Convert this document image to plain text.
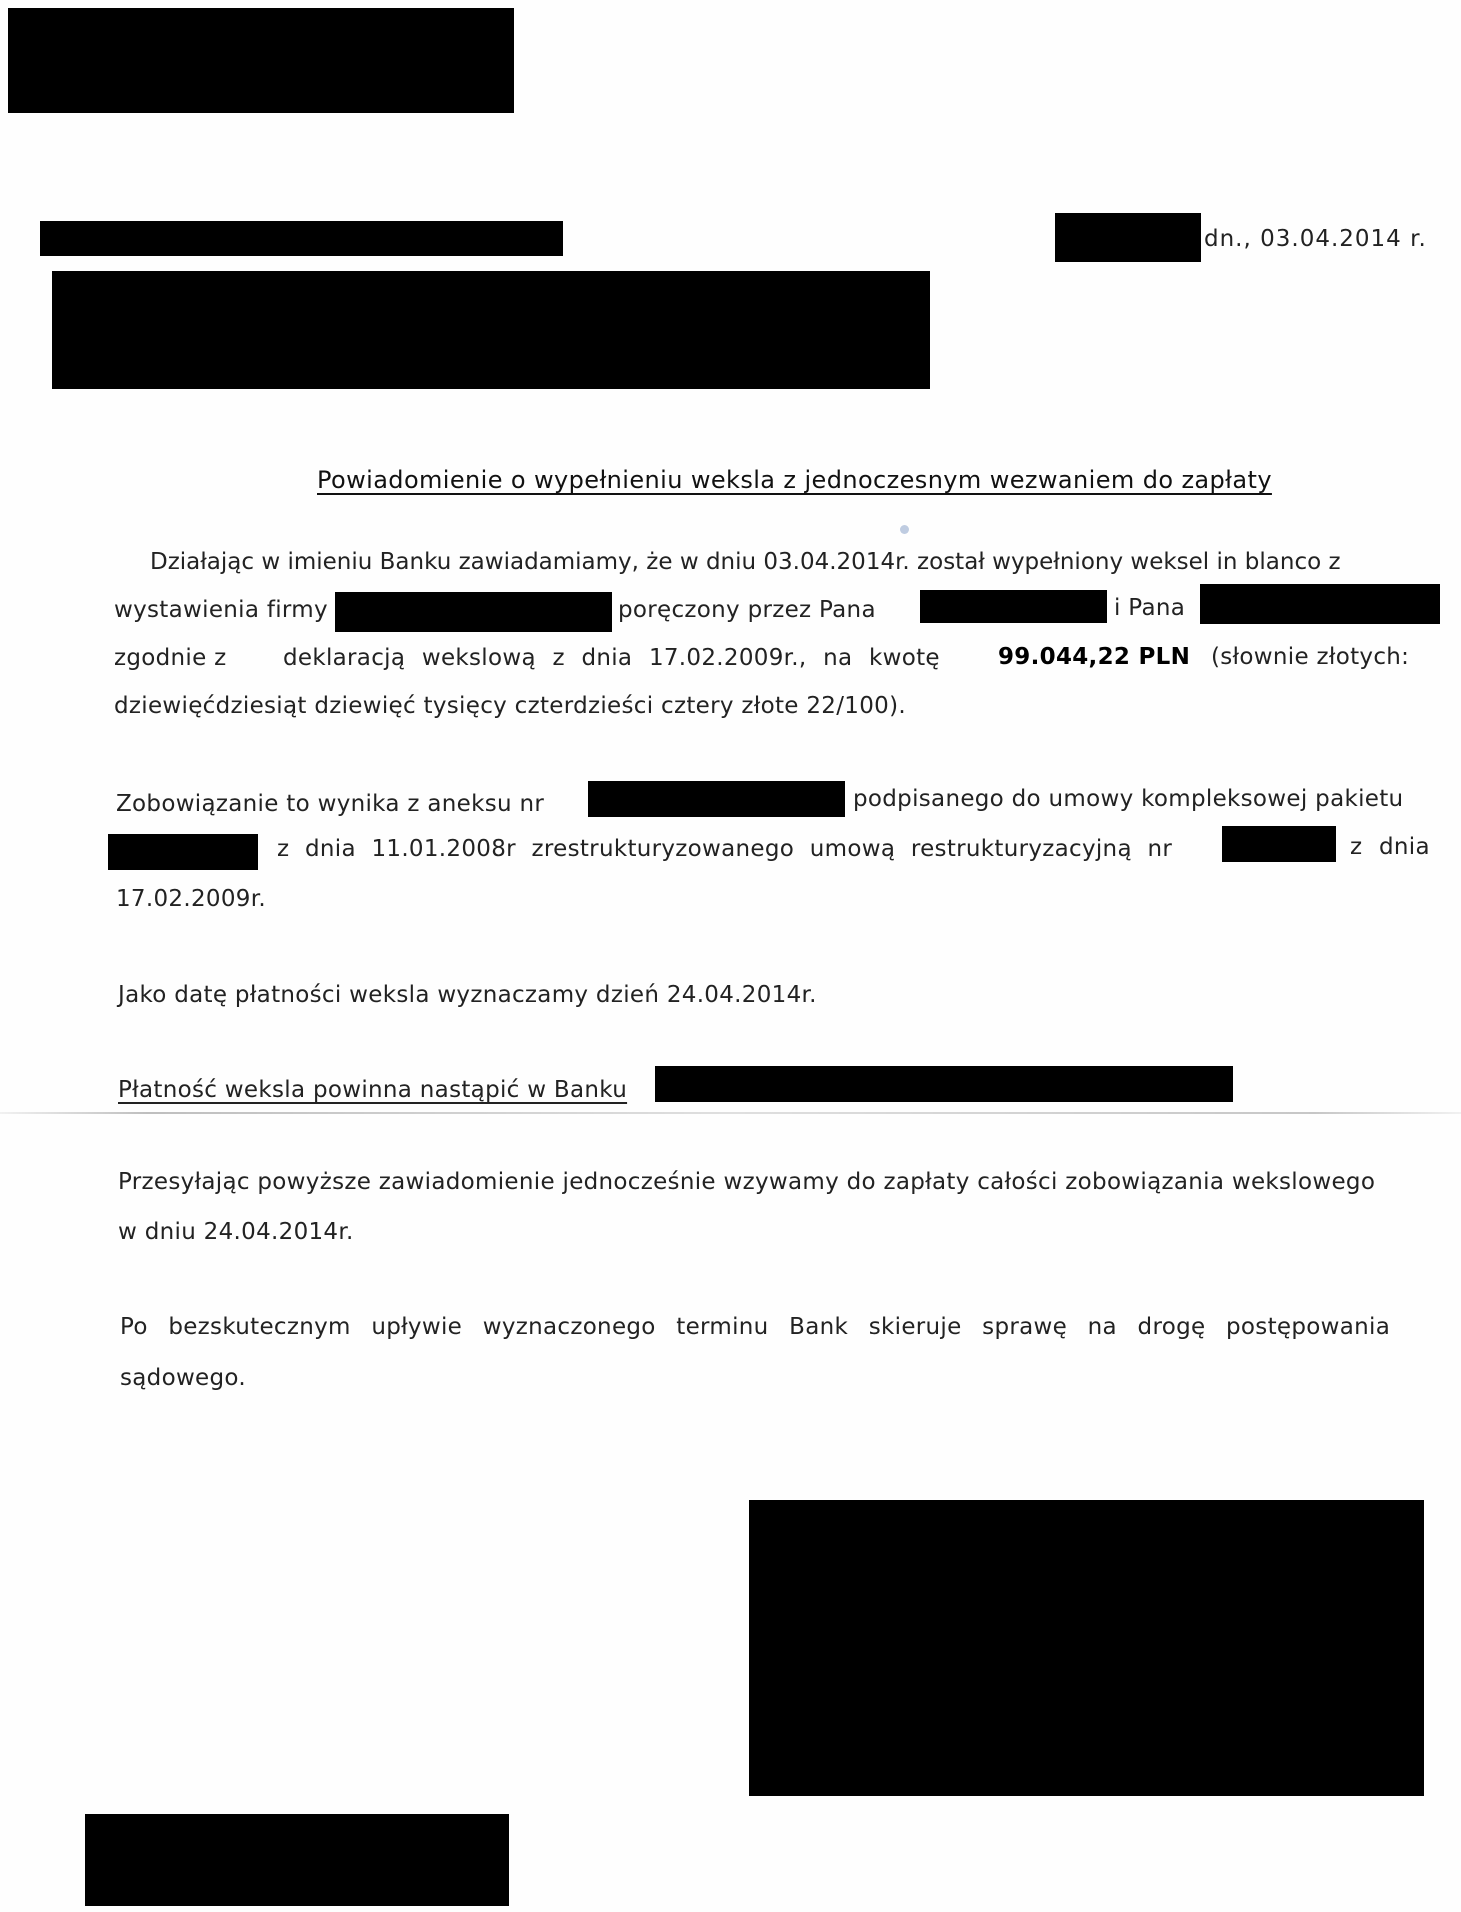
dn., 03.04.2014 r.
Powiadomienie o wypełnieniu weksla z jednoczesnym wezwaniem do zapłaty
Działając w imieniu Banku zawiadamiamy, że w dniu 03.04.2014r. został wypełniony weksel in blanco z
wystawienia firmy	poręczony przez Pana	i Pana
zgodnie z deklaracją wekslową z dnia 17.02.2009r., na kwotę	99.044,22 PLN (słownie złotych:
dziewięćdziesiąt dziewięć tysięcy czterdzieści cztery złote 22/100).
Zobowiązanie to wynika z aneksu nr	podpisanego do umowy kompleksowej pakietu
z dnia 11.01.2008r zrestrukturyzowanego umową restrukturyzacyjną nr	z dnia
17.02.2009r.
Jako datę płatności weksla wyznaczamy dzień 24.04.2014r.
Płatność weksla powinna nastąpić w Banku
Przesyłając powyższe zawiadomienie jednocześnie wzywamy do zapłaty całości zobowiązania wekslowego
w dniu 24.04.2014r.
Po bezskutecznym upływie wyznaczonego terminu Bank skieruje sprawę na drogę postępowania
sądowego.
